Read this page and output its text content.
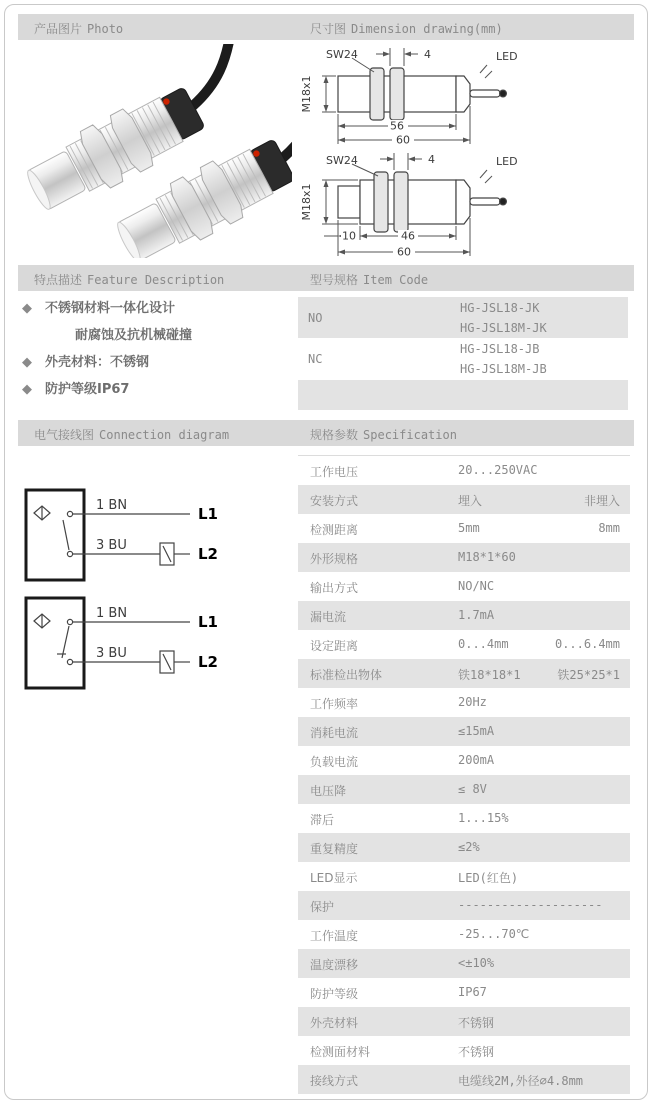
产品图片 Photo	尺寸图 Dimension drawing(mm)
SW24	4	LED
M18x1
56
60
SW24	4	LED
M18x1
10	46
60
特点描述 Feature Description	型号规格 Item Code
◆ 不锈钢材料一体化设计
耐腐蚀及抗机械碰撞
◆ 外壳材料：不锈钢
◆ 防护等级IP67
NO
HG-JSL18-JK
HG-JSL18M-JK
NC
HG-JSL18-JB
HG-JSL18M-JB
电气接线图 Connection diagram	规格参数 Specification
1 BN
3 BU
L1
L2
1 BN
3 BU
L1
L2
工作电压	20...250VAC
安装方式	埋入	非埋入
检测距离	5mm	8mm
外形规格	M18*1*60
输出方式	NO/NC
漏电流	1.7mA
设定距离	0...4mm	0...6.4mm
标准检出物体	铁18*18*1	铁25*25*1
工作频率	20Hz
消耗电流	≤15mA
负载电流	200mA
电压降	≤ 8V
滞后	1...15%
重复精度	≤2%
LED显示	LED(红色)
保护	--------------------
工作温度	-25...70℃
温度漂移	<±10%
防护等级	IP67
外壳材料	不锈钢
检测面材料	不锈钢
接线方式	电缆线2M,外径∅4.8mm
